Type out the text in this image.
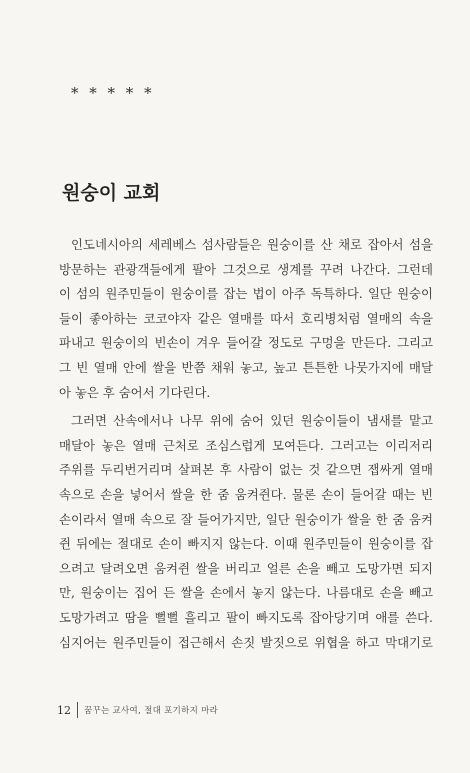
* * * * *
원숭이 교회
인도네시아의 세레베스 섬사람들은 원숭이를 산 채로 잡아서 섬을
방문하는 관광객들에게 팔아 그것으로 생계를 꾸려 나간다. 그런데
이 섬의 원주민들이 원숭이를 잡는 법이 아주 독특하다. 일단 원숭이
들이 좋아하는 코코야자 같은 열매를 따서 호리병처럼 열매의 속을
파내고 원숭이의 빈손이 겨우 들어갈 정도로 구멍을 만든다. 그리고
그 빈 열매 안에 쌀을 반쯤 채워 놓고, 높고 튼튼한 나뭇가지에 매달
아 놓은 후 숨어서 기다린다.
그러면 산속에서나 나무 위에 숨어 있던 원숭이들이 냄새를 맡고
매달아 놓은 열매 근처로 조심스럽게 모여든다. 그러고는 이리저리
주위를 두리번거리며 살펴본 후 사람이 없는 것 같으면 잽싸게 열매
속으로 손을 넣어서 쌀을 한 줌 움켜쥔다. 물론 손이 들어갈 때는 빈
손이라서 열매 속으로 잘 들어가지만, 일단 원숭이가 쌀을 한 줌 움켜
쥔 뒤에는 절대로 손이 빠지지 않는다. 이때 원주민들이 원숭이를 잡
으려고 달려오면 움켜쥔 쌀을 버리고 얼른 손을 빼고 도망가면 되지
만, 원숭이는 집어 든 쌀을 손에서 놓지 않는다. 나름대로 손을 빼고
도망가려고 땀을 뻘뻘 흘리고 팔이 빠지도록 잡아당기며 애를 쓴다.
심지어는 원주민들이 접근해서 손짓 발짓으로 위협을 하고 막대기로
12	꿈꾸는 교사여, 절대 포기하지 마라
